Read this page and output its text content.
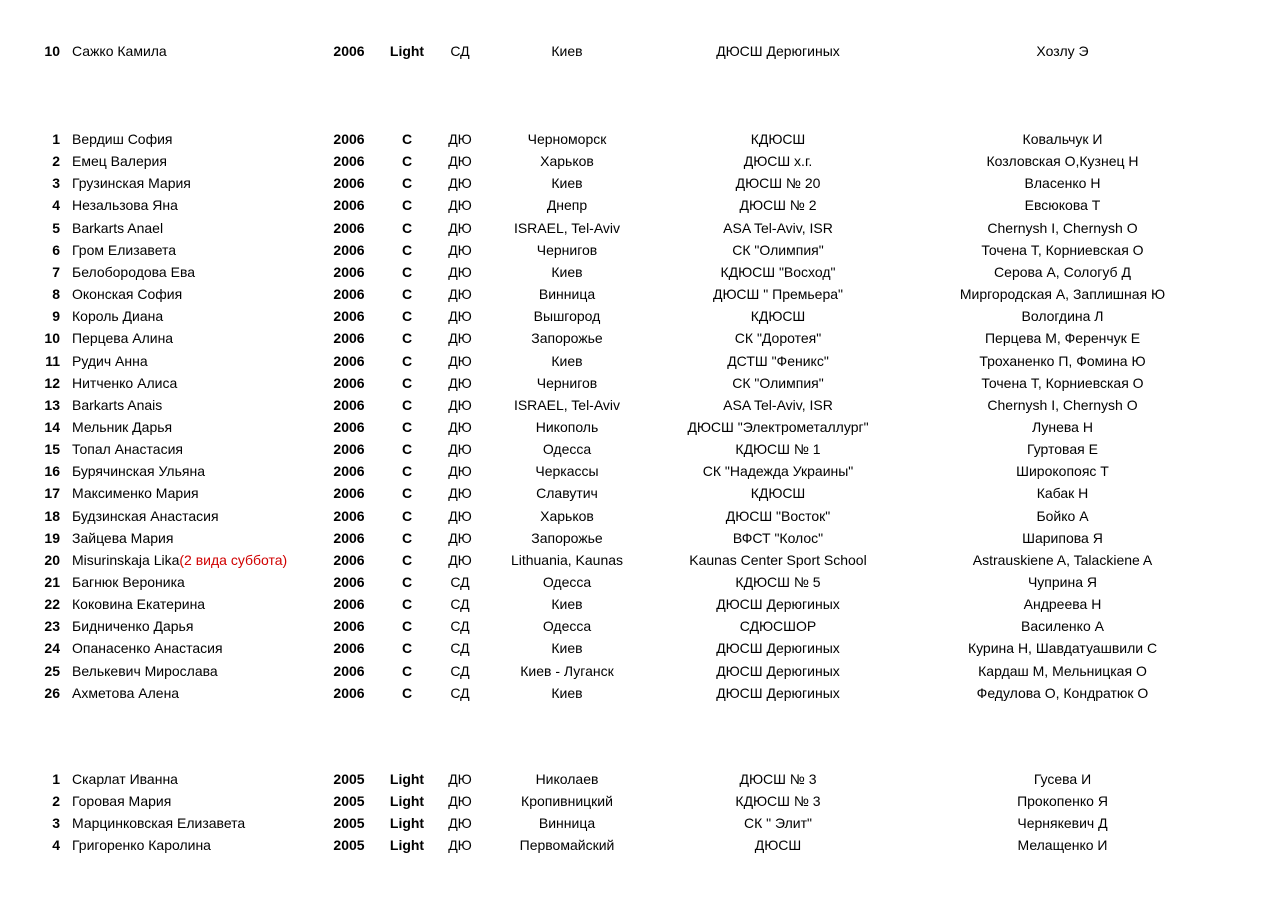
10 Сажко Камила	2006	Light	СД	Киев	ДЮСШ Дерюгиных	Хозлу Э
1 Вердиш София	2006	С	ДЮ	Черноморск	КДЮСШ	Ковальчук И
2 Емец Валерия	2006	С	ДЮ	Харьков	ДЮСШ х.г.	Козловская О,Кузнец Н
3 Грузинская Мария	2006	С	ДЮ	Киев	ДЮСШ № 20	Власенко Н
4 Незальзова Яна	2006	С	ДЮ	Днепр	ДЮСШ № 2	Евсюкова Т
5 Barkarts Anael	2006	С	ДЮ	ISRAEL, Tel-Aviv	ASA Tel-Aviv, ISR	Chernysh I, Chernysh O
6 Гром Елизавета	2006	С	ДЮ	Чернигов	СК "Олимпия"	Точена Т, Корниевская О
7 Белобородова Ева	2006	С	ДЮ	Киев	КДЮСШ "Восход"	Серова А, Сологуб Д
8 Оконская София	2006	С	ДЮ	Винница	ДЮСШ " Премьера"	Миргородская А, Заплишная Ю
9 Король Диана	2006	С	ДЮ	Вышгород	КДЮСШ	Вологдина Л
10 Перцева Алина	2006	С	ДЮ	Запорожье	СК "Доротея"	Перцева М, Ференчук Е
11 Рудич Анна	2006	С	ДЮ	Киев	ДСТШ "Феникс"	Троханенко П, Фомина Ю
12 Нитченко Алиса	2006	С	ДЮ	Чернигов	СК "Олимпия"	Точена Т, Корниевская О
13 Barkarts Anais	2006	С	ДЮ	ISRAEL, Tel-Aviv	ASA Tel-Aviv, ISR	Chernysh I, Chernysh O
14 Мельник Дарья	2006	С	ДЮ	Никополь	ДЮСШ "Электрометаллург"	Лунева Н
15 Топал Анастасия	2006	С	ДЮ	Одесса	КДЮСШ № 1	Гуртовая Е
16 Бурячинская Ульяна	2006	С	ДЮ	Черкассы	СК "Надежда Украины"	Широкопояс Т
17 Максименко Мария	2006	С	ДЮ	Славутич	КДЮСШ	Кабак Н
18 Будзинская Анастасия	2006	С	ДЮ	Харьков	ДЮСШ "Восток"	Бойко А
19 Зайцева Мария	2006	С	ДЮ	Запорожье	ВФСТ "Колос"	Шарипова Я
20 Misurinskaja Lika(2 вида суббота)	2006	С	ДЮ	Lithuania, Kaunas	Kaunas Center Sport School	Astrauskiene A, Talackiene A
21 Багнюк Вероника	2006	С	СД	Одесса	КДЮСШ № 5	Чуприна Я
22 Коковина Екатерина	2006	С	СД	Киев	ДЮСШ Дерюгиных	Андреева Н
23 Бидниченко Дарья	2006	С	СД	Одесса	СДЮСШОР	Василенко А
24 Опанасенко Анастасия	2006	С	СД	Киев	ДЮСШ Дерюгиных	Курина Н, Шавдатуашвили С
25 Велькевич Мирослава	2006	С	СД	Киев - Луганск	ДЮСШ Дерюгиных	Кардаш М, Мельницкая О
26 Ахметова Алена	2006	С	СД	Киев	ДЮСШ Дерюгиных	Федулова О, Кондратюк О
1 Скарлат Иванна	2005	Light	ДЮ	Николаев	ДЮСШ № 3	Гусева И
2 Горовая Мария	2005	Light	ДЮ	Кропивницкий	КДЮСШ № 3	Прокопенко Я
3 Марцинковская Елизавета	2005	Light	ДЮ	Винница	СК " Элит"	Чернякевич Д
4 Григоренко Каролина	2005	Light	ДЮ	Первомайский	ДЮСШ	Мелащенко И
